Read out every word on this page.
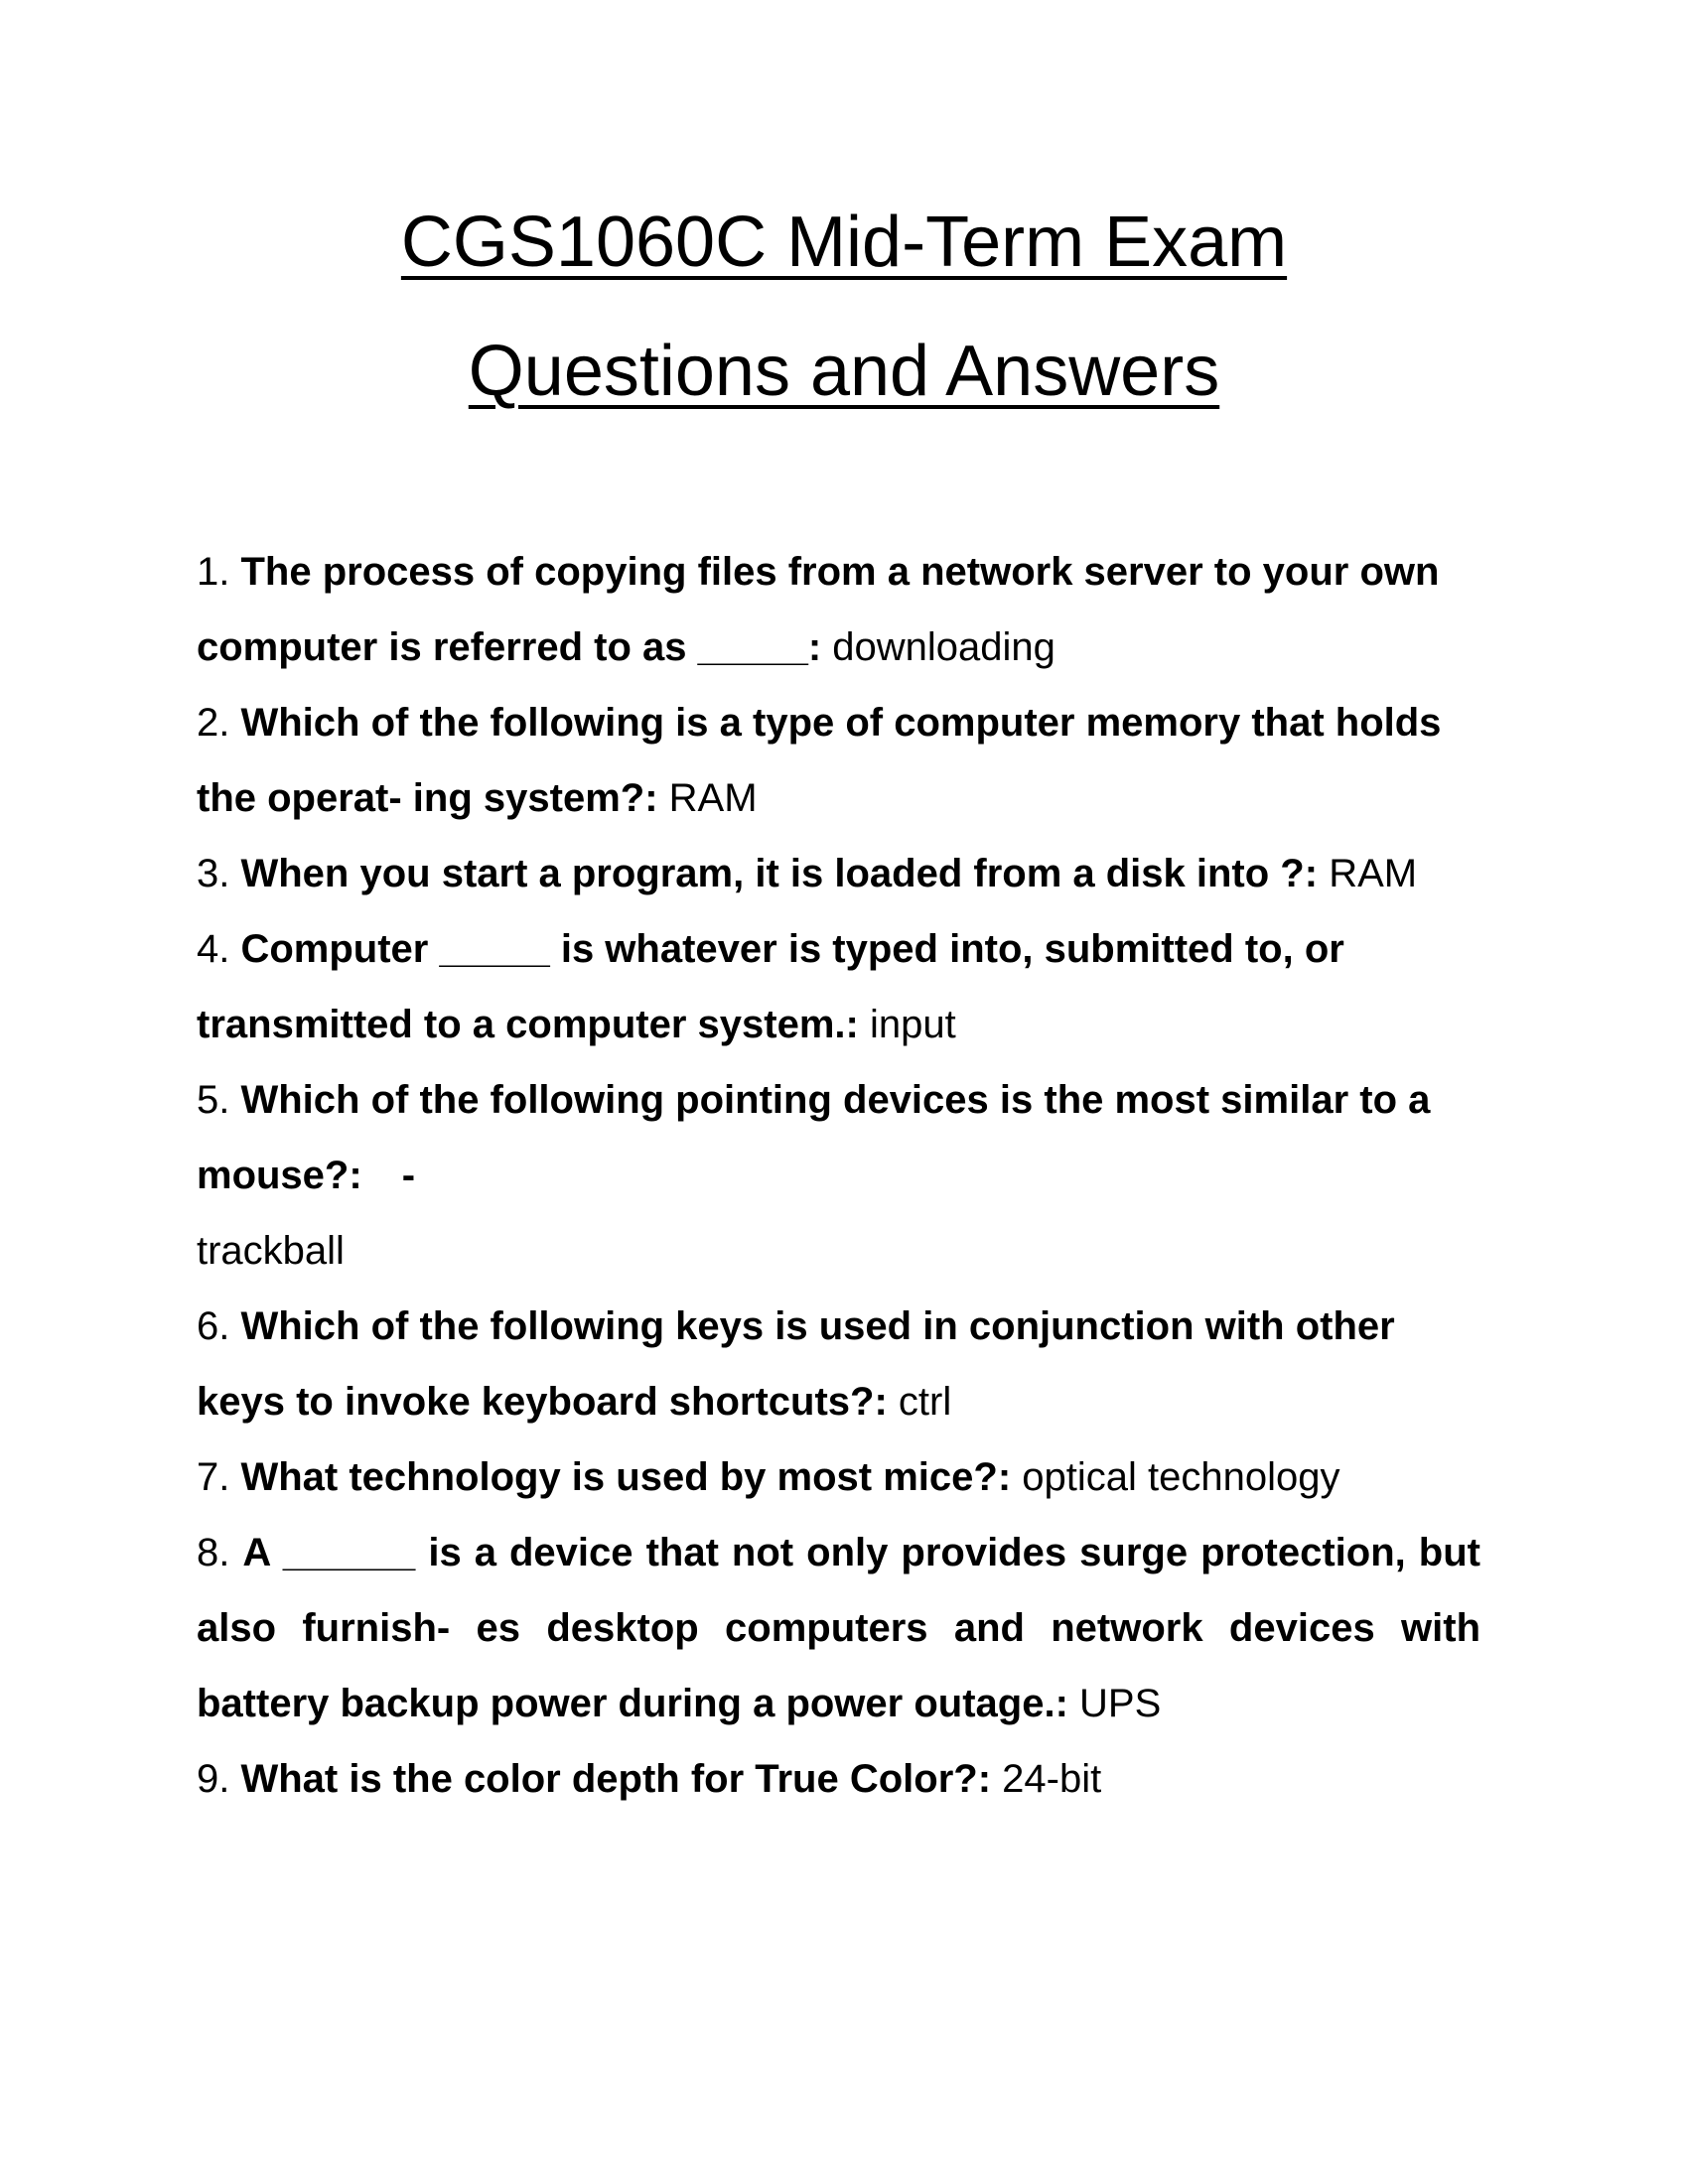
CGS1060C Mid-Term Exam
Questions and Answers
1. The process of copying files from a network server to your own computer is referred to as _____: downloading
2. Which of the following is a type of computer memory that holds the operat- ing system?: RAM
3. When you start a program, it is loaded from a disk into ?: RAM
4. Computer _____ is whatever is typed into, submitted to, or transmitted to a computer system.: input
5. Which of the following pointing devices is the most similar to a mouse?: -
trackball
6. Which of the following keys is used in conjunction with other keys to invoke keyboard shortcuts?: ctrl
7. What technology is used by most mice?: optical technology
8. A ______ is a device that not only provides surge protection, but also furnish- es desktop computers and network devices with battery backup power during a power outage.: UPS
9. What is the color depth for True Color?: 24-bit
